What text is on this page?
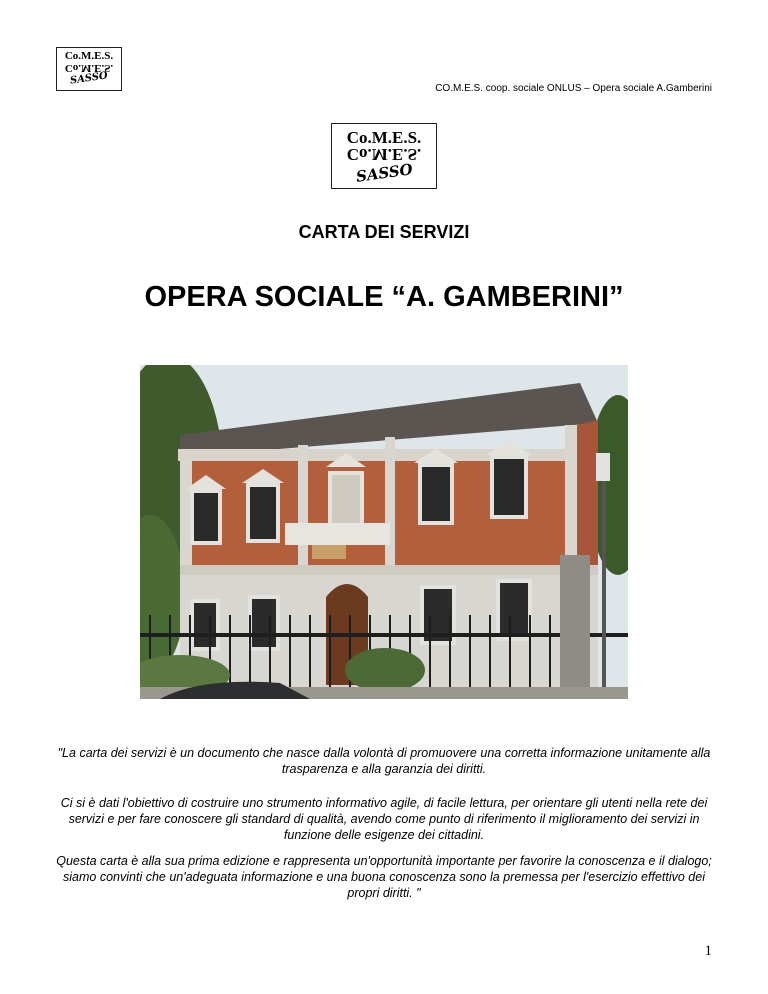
Co.M.E.S.
Co.M.E.S.
SASSO
CO.M.E.S. coop. sociale ONLUS – Opera sociale A.Gamberini
Co.M.E.S.
Co.M.E.S.
SASSO
CARTA DEI SERVIZI
OPERA SOCIALE “A. GAMBERINI”
"La carta dei servizi è un documento che nasce dalla volontà di promuovere una corretta informazione unitamente alla trasparenza e alla garanzia dei diritti.
Ci si è dati l'obiettivo di costruire uno strumento informativo agile, di facile lettura, per orientare gli utenti nella rete dei servizi e per fare conoscere gli standard di qualità, avendo come punto di riferimento il miglioramento dei servizi in funzione delle esigenze dei cittadini.
Questa carta è alla sua prima edizione e rappresenta un'opportunità importante per favorire la conoscenza e il dialogo; siamo convinti che un'adeguata informazione e una buona conoscenza sono la premessa per l'esercizio effettivo dei propri diritti. "
1
